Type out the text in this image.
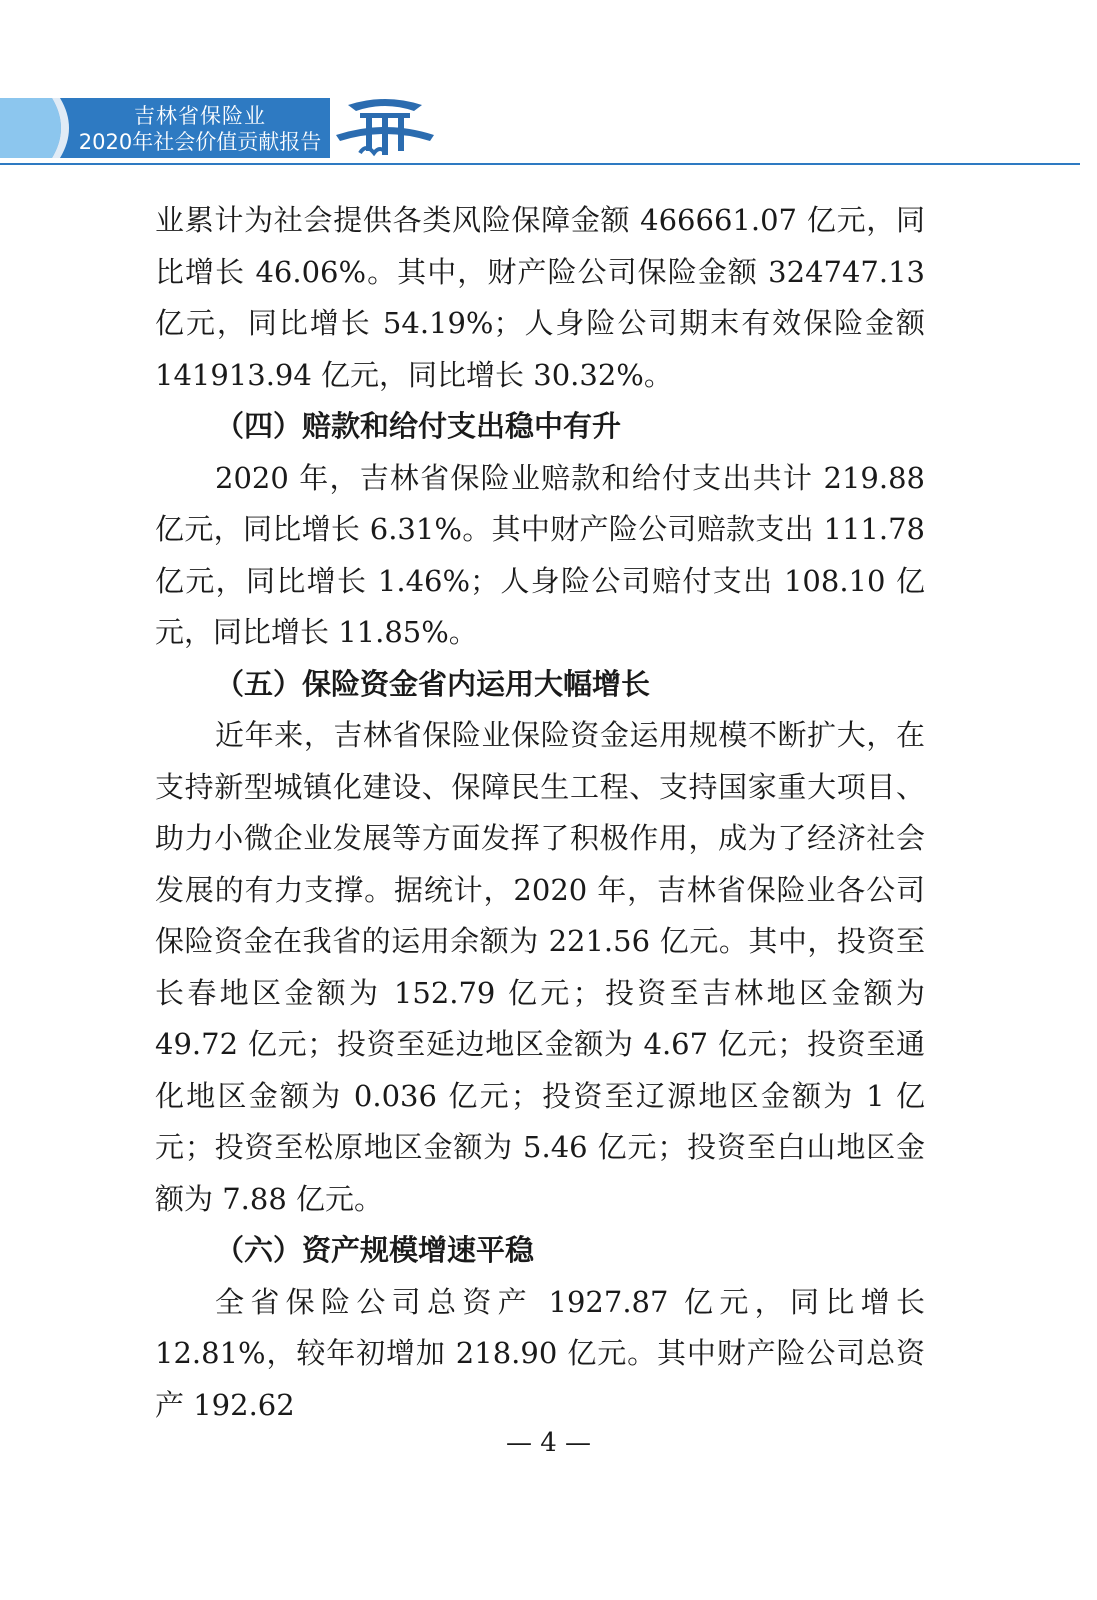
吉林省保险业
2020年社会价值贡献报告

业累计为社会提供各类风险保障金额 466661.07 亿元，同比增长 46.06%。其中，财产险公司保险金额 324747.13 亿元，同比增长 54.19%；人身险公司期末有效保险金额 141913.94 亿元，同比增长 30.32%。

（四）赔款和给付支出稳中有升

2020 年，吉林省保险业赔款和给付支出共计 219.88 亿元，同比增长 6.31%。其中财产险公司赔款支出 111.78 亿元，同比增长 1.46%；人身险公司赔付支出 108.10 亿元，同比增长 11.85%。

（五）保险资金省内运用大幅增长

近年来，吉林省保险业保险资金运用规模不断扩大，在支持新型城镇化建设、保障民生工程、支持国家重大项目、助力小微企业发展等方面发挥了积极作用，成为了经济社会发展的有力支撑。据统计，2020 年，吉林省保险业各公司保险资金在我省的运用余额为 221.56 亿元。其中，投资至长春地区金额为 152.79 亿元；投资至吉林地区金额为 49.72 亿元；投资至延边地区金额为 4.67 亿元；投资至通化地区金额为 0.036 亿元；投资至辽源地区金额为 1 亿元；投资至松原地区金额为 5.46 亿元；投资至白山地区金额为 7.88 亿元。

（六）资产规模增速平稳

全省保险公司总资产 1927.87 亿元，同比增长 12.81%，较年初增加 218.90 亿元。其中财产险公司总资产 192.62

— 4 —
